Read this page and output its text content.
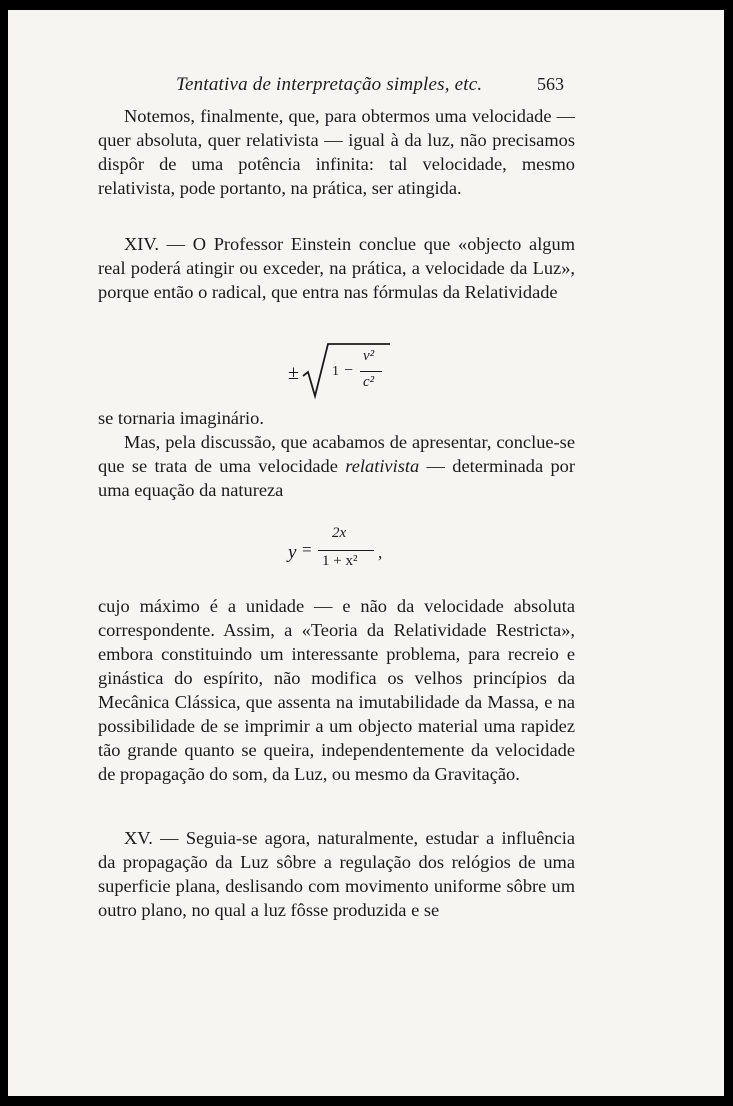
Tentativa de interpretação simples, etc.	563

Notemos, finalmente, que, para obtermos uma velocidade — quer absoluta, quer relativista — igual à da luz, não precisamos dispôr de uma potência infinita: tal velocidade, mesmo relativista, pode portanto, na prática, ser atingida.

XIV. — O Professor Einstein conclue que «objecto algum real poderá atingir ou exceder, na prática, a velocidade da Luz», porque então o radical, que entra nas fórmulas da Relatividade

± 1 −
v²
c²

se tornaria imaginário.

Mas, pela discussão, que acabamos de apresentar, conclue-se que se trata de uma velocidade relativista — determinada por uma equação da natureza

y =
2x
1 + x² ,

cujo máximo é a unidade — e não da velocidade absoluta correspondente. Assim, a «Teoria da Relatividade Restricta», embora constituindo um interessante problema, para recreio e ginástica do espírito, não modifica os velhos princípios da Mecânica Clássica, que assenta na imutabilidade da Massa, e na possibilidade de se imprimir a um objecto material uma rapidez tão grande quanto se queira, independentemente da velocidade de propagação do som, da Luz, ou mesmo da Gravitação.

XV. — Seguia-se agora, naturalmente, estudar a influência da propagação da Luz sôbre a regulação dos relógios de uma superficie plana, deslisando com movimento uniforme sôbre um outro plano, no qual a luz fôsse produzida e se
